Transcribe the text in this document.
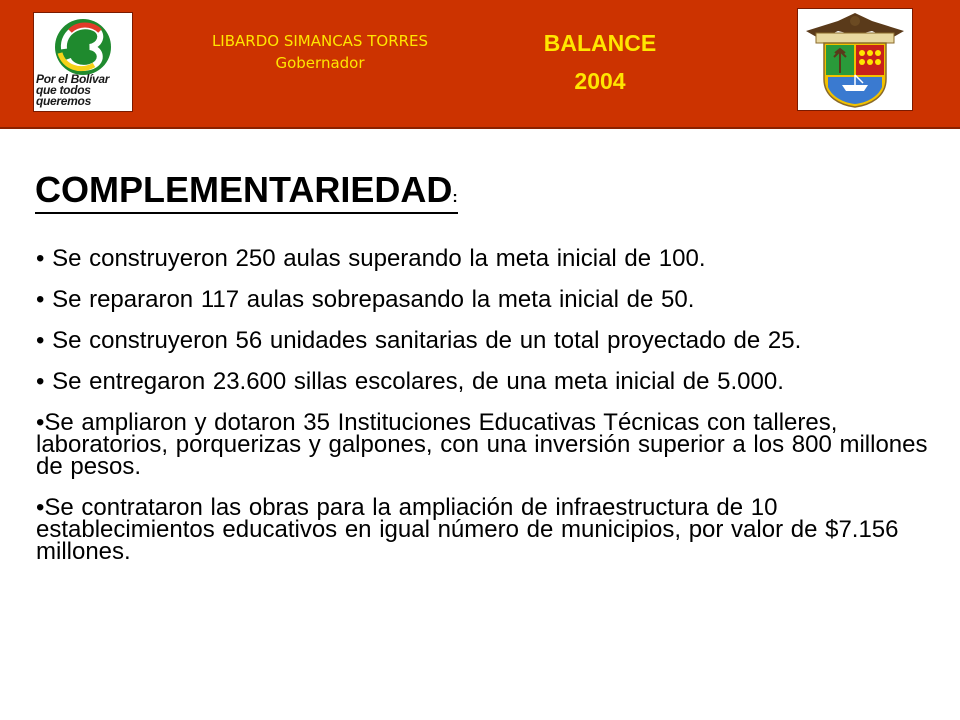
Por el Bolívar
que todos
queremos
LIBARDO SIMANCAS TORRES
Gobernador
BALANCE
2004
COMPLEMENTARIEDAD:
• Se construyeron 250 aulas superando la meta inicial de 100.
• Se repararon 117 aulas sobrepasando la meta inicial de 50.
• Se construyeron 56 unidades sanitarias de un total proyectado de 25.
• Se entregaron 23.600 sillas escolares, de una meta inicial de 5.000.
•Se ampliaron y dotaron 35 Instituciones Educativas Técnicas con talleres, laboratorios, porquerizas y galpones, con una inversión superior a los 800 millones de pesos.
•Se contrataron las obras para la ampliación de infraestructura de 10 establecimientos educativos en igual número de municipios, por valor de $7.156 millones.
